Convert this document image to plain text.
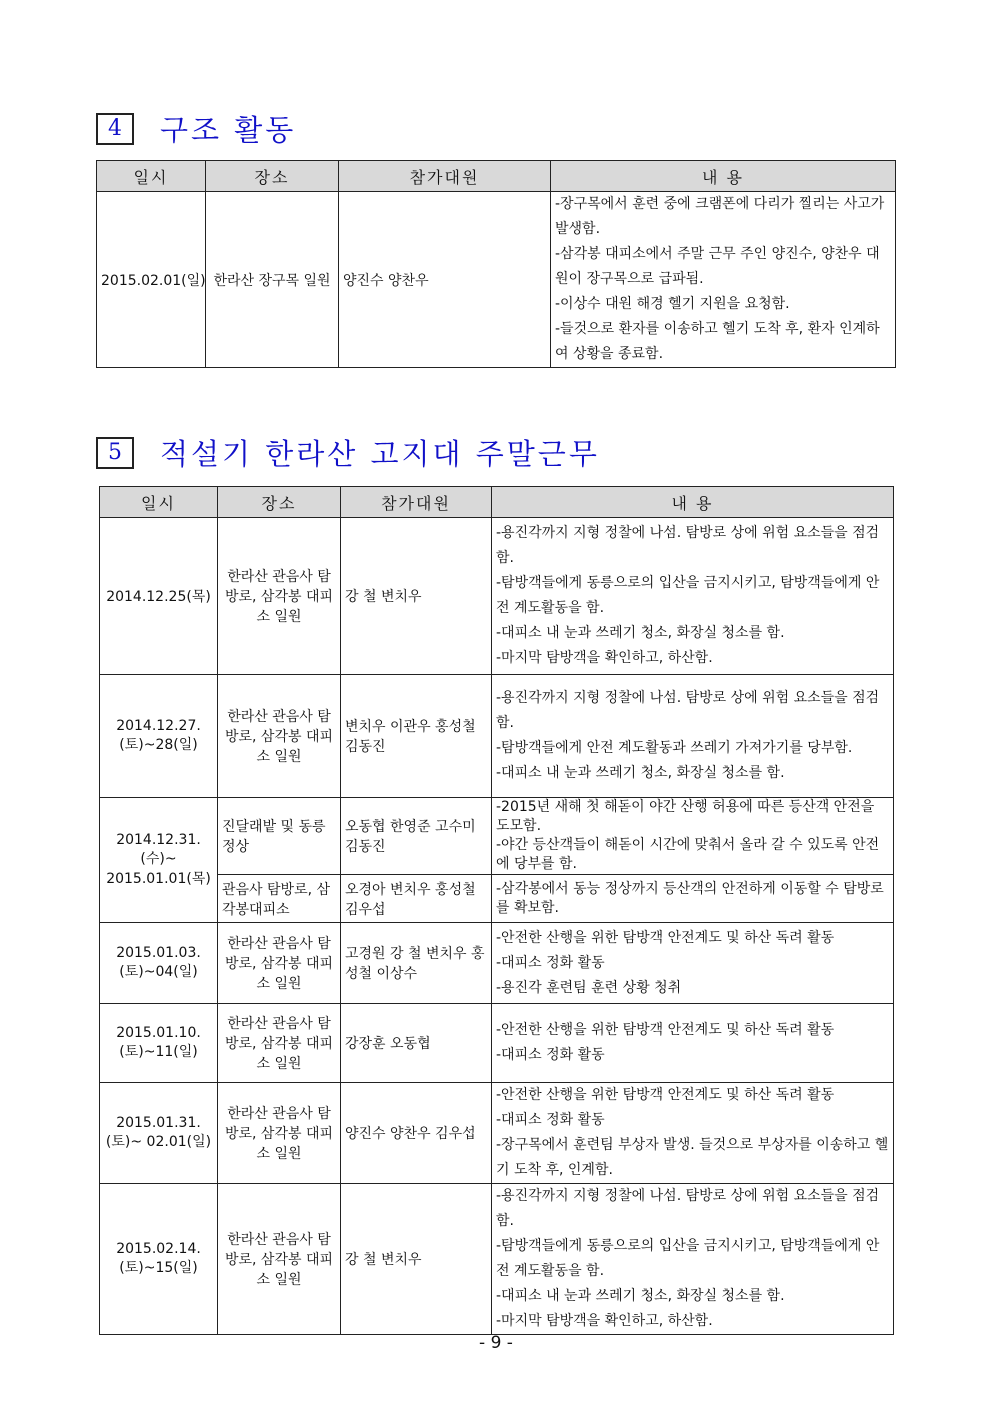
4	구조 활동
일시	장소	참가대원	내 용
2015.02.01(일)	한라산 장구목 일원	양진수 양찬우	-장구목에서 훈련 중에 크램폰에 다리가 찔리는 사고가 발생함.
-삼각봉 대피소에서 주말 근무 주인 양진수, 양찬우 대원이 장구목으로 급파됨.
-이상수 대원 해경 헬기 지원을 요청함.
-들것으로 환자를 이송하고 헬기 도착 후, 환자 인계하여 상황을 종료함.
5	적설기 한라산 고지대 주말근무
일시	장소	참가대원	내 용
2014.12.25(목)	한라산 관음사 탐방로, 삼각봉 대피소 일원	강 철 변치우	-용진각까지 지형 정찰에 나섬. 탐방로 상에 위험 요소들을 점검함.
-탐방객들에게 동릉으로의 입산을 금지시키고, 탐방객들에게 안전 계도활동을 함.
-대피소 내 눈과 쓰레기 청소, 화장실 청소를 함.
-마지막 탐방객을 확인하고, 하산함.

2014.12.27.(토)~28(일)	한라산 관음사 탐방로, 삼각봉 대피소 일원	변치우 이관우 홍성철 김동진	-용진각까지 지형 정찰에 나섬. 탐방로 상에 위험 요소들을 점검함.
-탐방객들에게 안전 계도활동과 쓰레기 가져가기를 당부함.
-대피소 내 눈과 쓰레기 청소, 화장실 청소를 함.

2014.12.31.(수)~ 2015.01.01(목)	진달래밭 및 동릉 정상	오동협 한영준 고수미 김동진	-2015년 새해 첫 해돋이 야간 산행 허용에 따른 등산객 안전을 도모함.
-야간 등산객들이 해돋이 시간에 맞춰서 올라 갈 수 있도록 안전에 당부를 함.

	관음사 탐방로, 삼각봉대피소	오경아 변치우 홍성철 김우섭	-삼각봉에서 동능 정상까지 등산객의 안전하게 이동할 수 탐방로를 확보함.

2015.01.03.(토)~04(일)	한라산 관음사 탐방로, 삼각봉 대피소 일원	고경원 강 철 변치우 홍성철 이상수	-안전한 산행을 위한 탐방객 안전계도 및 하산 독려 활동
-대피소 정화 활동
-용진각 훈련팀 훈련 상황 청취

2015.01.10.(토)~11(일)	한라산 관음사 탐방로, 삼각봉 대피소 일원	강장훈 오동협	-안전한 산행을 위한 탐방객 안전계도 및 하산 독려 활동
-대피소 정화 활동

2015.01.31.(토)~ 02.01(일)	한라산 관음사 탐방로, 삼각봉 대피소 일원	양진수 양찬우 김우섭	-안전한 산행을 위한 탐방객 안전계도 및 하산 독려 활동
-대피소 정화 활동
-장구목에서 훈련팀 부상자 발생. 들것으로 부상자를 이송하고 헬기 도착 후, 인계함.

2015.02.14.(토)~15(일)	한라산 관음사 탐방로, 삼각봉 대피소 일원	강 철 변치우	-용진각까지 지형 정찰에 나섬. 탐방로 상에 위험 요소들을 점검함.
-탐방객들에게 동릉으로의 입산을 금지시키고, 탐방객들에게 안전 계도활동을 함.
-대피소 내 눈과 쓰레기 청소, 화장실 청소를 함.
-마지막 탐방객을 확인하고, 하산함.
- 9 -
